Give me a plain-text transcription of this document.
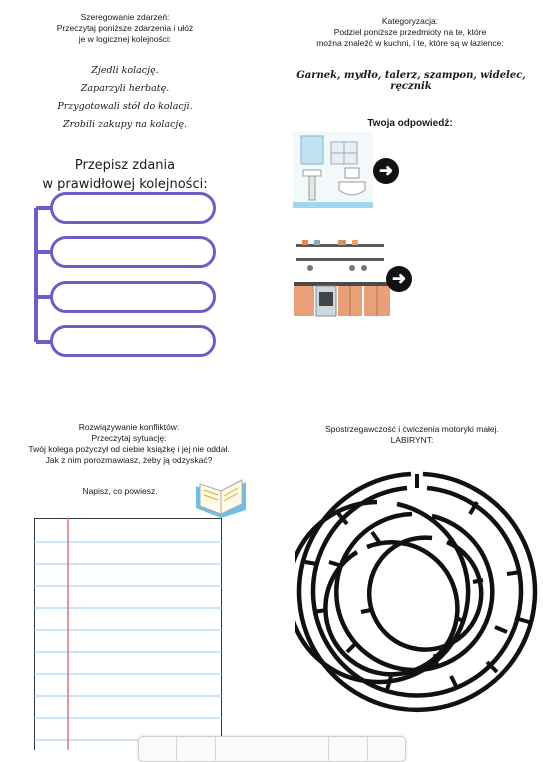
Szeregowanie zdarzeń:
Przeczytaj poniższe zdarzenia i ułóż
je w logicznej kolejności:
Zjedli kolację.
Zaparzyli herbatę.
Przygotowali stół do kolacji.
Zrobili zakupy na kolację.
Przepisz zdania
w prawidłowej kolejności:
Kategoryzacja:
Podziel poniższe przedmioty na te, które
można znaleźć w kuchni, i te, które są w łazience:
Garnek, mydło, talerz, szampon, widelec, ręcznik
Twoja odpowiedź:
➜
➜
Rozwiązywanie konfliktów:
Przeczytaj sytuację:
Twój kolega pożyczył od ciebie książkę i jej nie oddał.
Jak z nim porozmawiasz, żeby ją odzyskać?
Napisz, co powiesz.
Spostrzegawczość i ćwiczenia motoryki małej.
LABIRYNT:
